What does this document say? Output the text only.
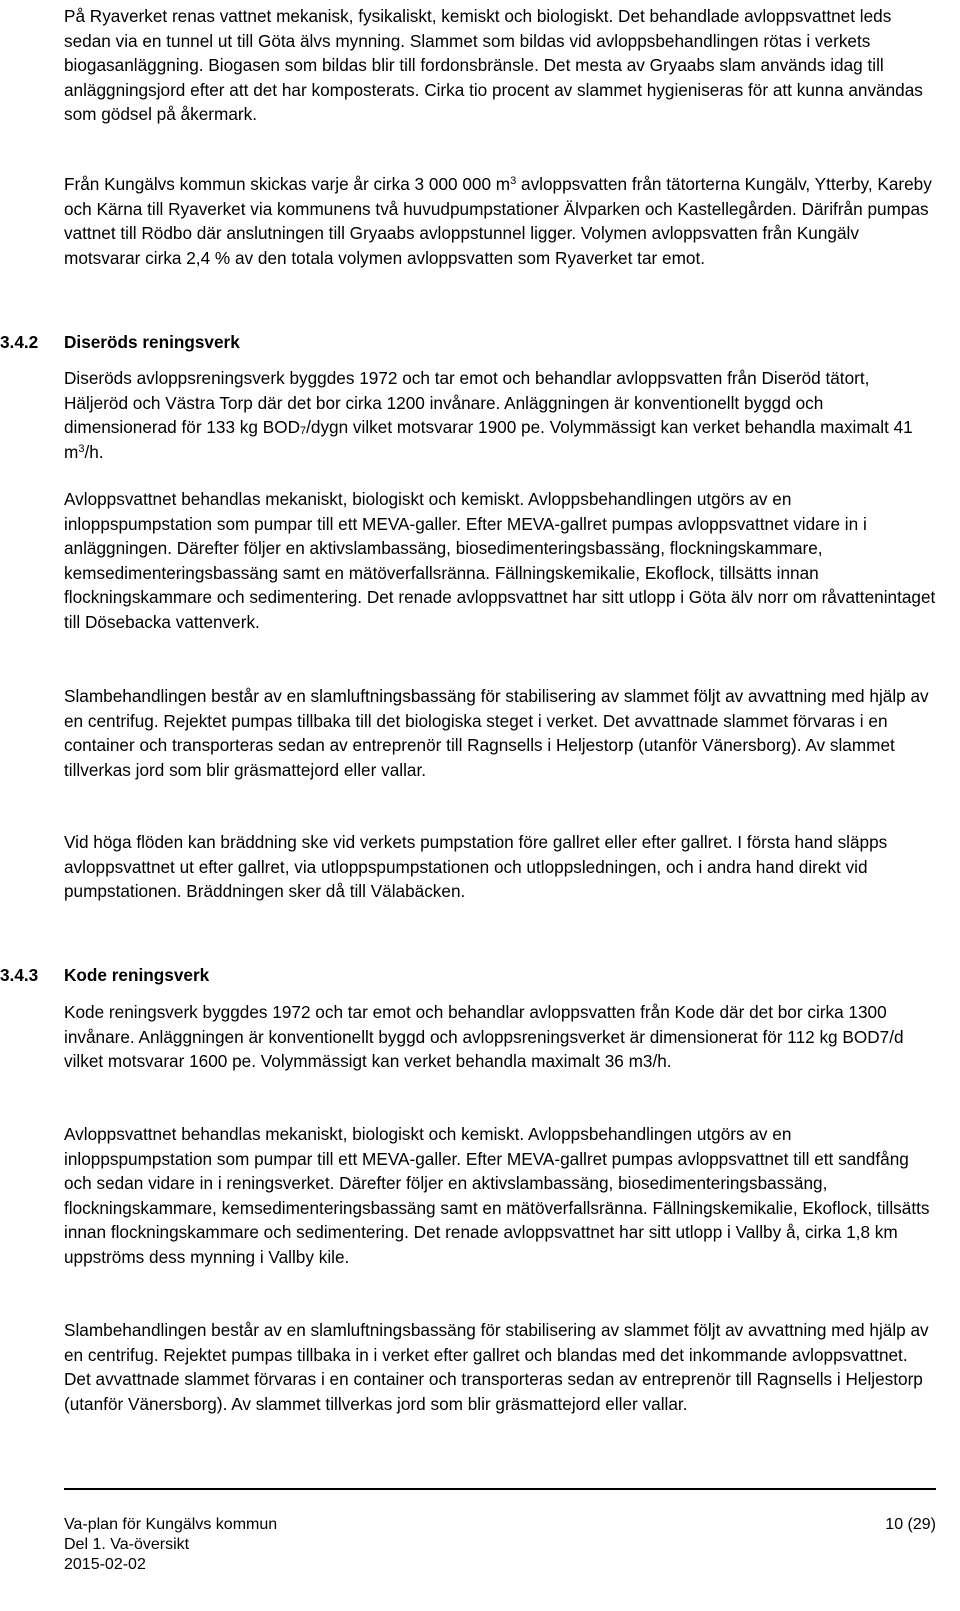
På Ryaverket renas vattnet mekanisk, fysikaliskt, kemiskt och biologiskt. Det behandlade avloppsvattnet leds sedan via en tunnel ut till Göta älvs mynning. Slammet som bildas vid avloppsbehandlingen rötas i verkets biogasanläggning. Biogasen som bildas blir till fordonsbränsle. Det mesta av Gryaabs slam används idag till anläggningsjord efter att det har komposterats. Cirka tio procent av slammet hygieniseras för att kunna användas som gödsel på åkermark.

Från Kungälvs kommun skickas varje år cirka 3 000 000 $m^3$ avloppsvatten från tätorterna Kungälv, Ytterby, Kareby och Kärna till Ryaverket via kommunens två huvudpumpstationer Älvparken och Kastellegården. Därifrån pumpas vattnet till Rödbo där anslutningen till Gryaabs avloppstunnel ligger. Volymen avloppsvatten från Kungälv motsvarar cirka 2,4 % av den totala volymen avloppsvatten som Ryaverket tar emot.

3.4.2 Diseröds reningsverk

Diseröds avloppsreningsverk byggdes 1972 och tar emot och behandlar avloppsvatten från Diseröd tätort, Häljeröd och Västra Torp där det bor cirka 1200 invånare. Anläggningen är konventionellt byggd och dimensionerad för 133 kg $BOD_7$/dygn vilket motsvarar 1900 pe. Volymmässigt kan verket behandla maximalt 41 $m^3/h$.

Avloppsvattnet behandlas mekaniskt, biologiskt och kemiskt. Avloppsbehandlingen utgörs av en inloppspumpstation som pumpar till ett MEVA-galler. Efter MEVA-gallret pumpas avloppsvattnet vidare in i anläggningen. Därefter följer en aktivslambassäng, biosedimenteringsbassäng, flockningskammare, kemsedimenteringsbassäng samt en mätöverfallsränna. Fällningskemikalie, Ekoflock, tillsätts innan flockningskammare och sedimentering. Det renade avloppsvattnet har sitt utlopp i Göta älv norr om råvattenintaget till Dösebacka vattenverk.

Slambehandlingen består av en slamluftningsbassäng för stabilisering av slammet följt av avvattning med hjälp av en centrifug. Rejektet pumpas tillbaka till det biologiska steget i verket. Det avvattnade slammet förvaras i en container och transporteras sedan av entreprenör till Ragnsells i Heljestorp (utanför Vänersborg). Av slammet tillverkas jord som blir gräsmattejord eller vallar.

Vid höga flöden kan bräddning ske vid verkets pumpstation före gallret eller efter gallret. I första hand släpps avloppsvattnet ut efter gallret, via utloppspumpstationen och utloppsledningen, och i andra hand direkt vid pumpstationen. Bräddningen sker då till Välabäcken.

3.4.3 Kode reningsverk

Kode reningsverk byggdes 1972 och tar emot och behandlar avloppsvatten från Kode där det bor cirka 1300 invånare. Anläggningen är konventionellt byggd och avloppsreningsverket är dimensionerat för 112 kg BOD7/d vilket motsvarar 1600 pe. Volymmässigt kan verket behandla maximalt 36 m3/h.

Avloppsvattnet behandlas mekaniskt, biologiskt och kemiskt. Avloppsbehandlingen utgörs av en inloppspumpstation som pumpar till ett MEVA-galler. Efter MEVA-gallret pumpas avloppsvattnet till ett sandfång och sedan vidare in i reningsverket. Därefter följer en aktivslambassäng, biosedimenteringsbassäng, flockningskammare, kemsedimenteringsbassäng samt en mätöverfallsränna. Fällningskemikalie, Ekoflock, tillsätts innan flockningskammare och sedimentering. Det renade avloppsvattnet har sitt utlopp i Vallby å, cirka 1,8 km uppströms dess mynning i Vallby kile.

Slambehandlingen består av en slamluftningsbassäng för stabilisering av slammet följt av avvattning med hjälp av en centrifug. Rejektet pumpas tillbaka in i verket efter gallret och blandas med det inkommande avloppsvattnet. Det avvattnade slammet förvaras i en container och transporteras sedan av entreprenör till Ragnsells i Heljestorp (utanför Vänersborg). Av slammet tillverkas jord som blir gräsmattejord eller vallar.

Va-plan för Kungälvs kommun
Del 1. Va-översikt
2015-02-02
10 (29)
